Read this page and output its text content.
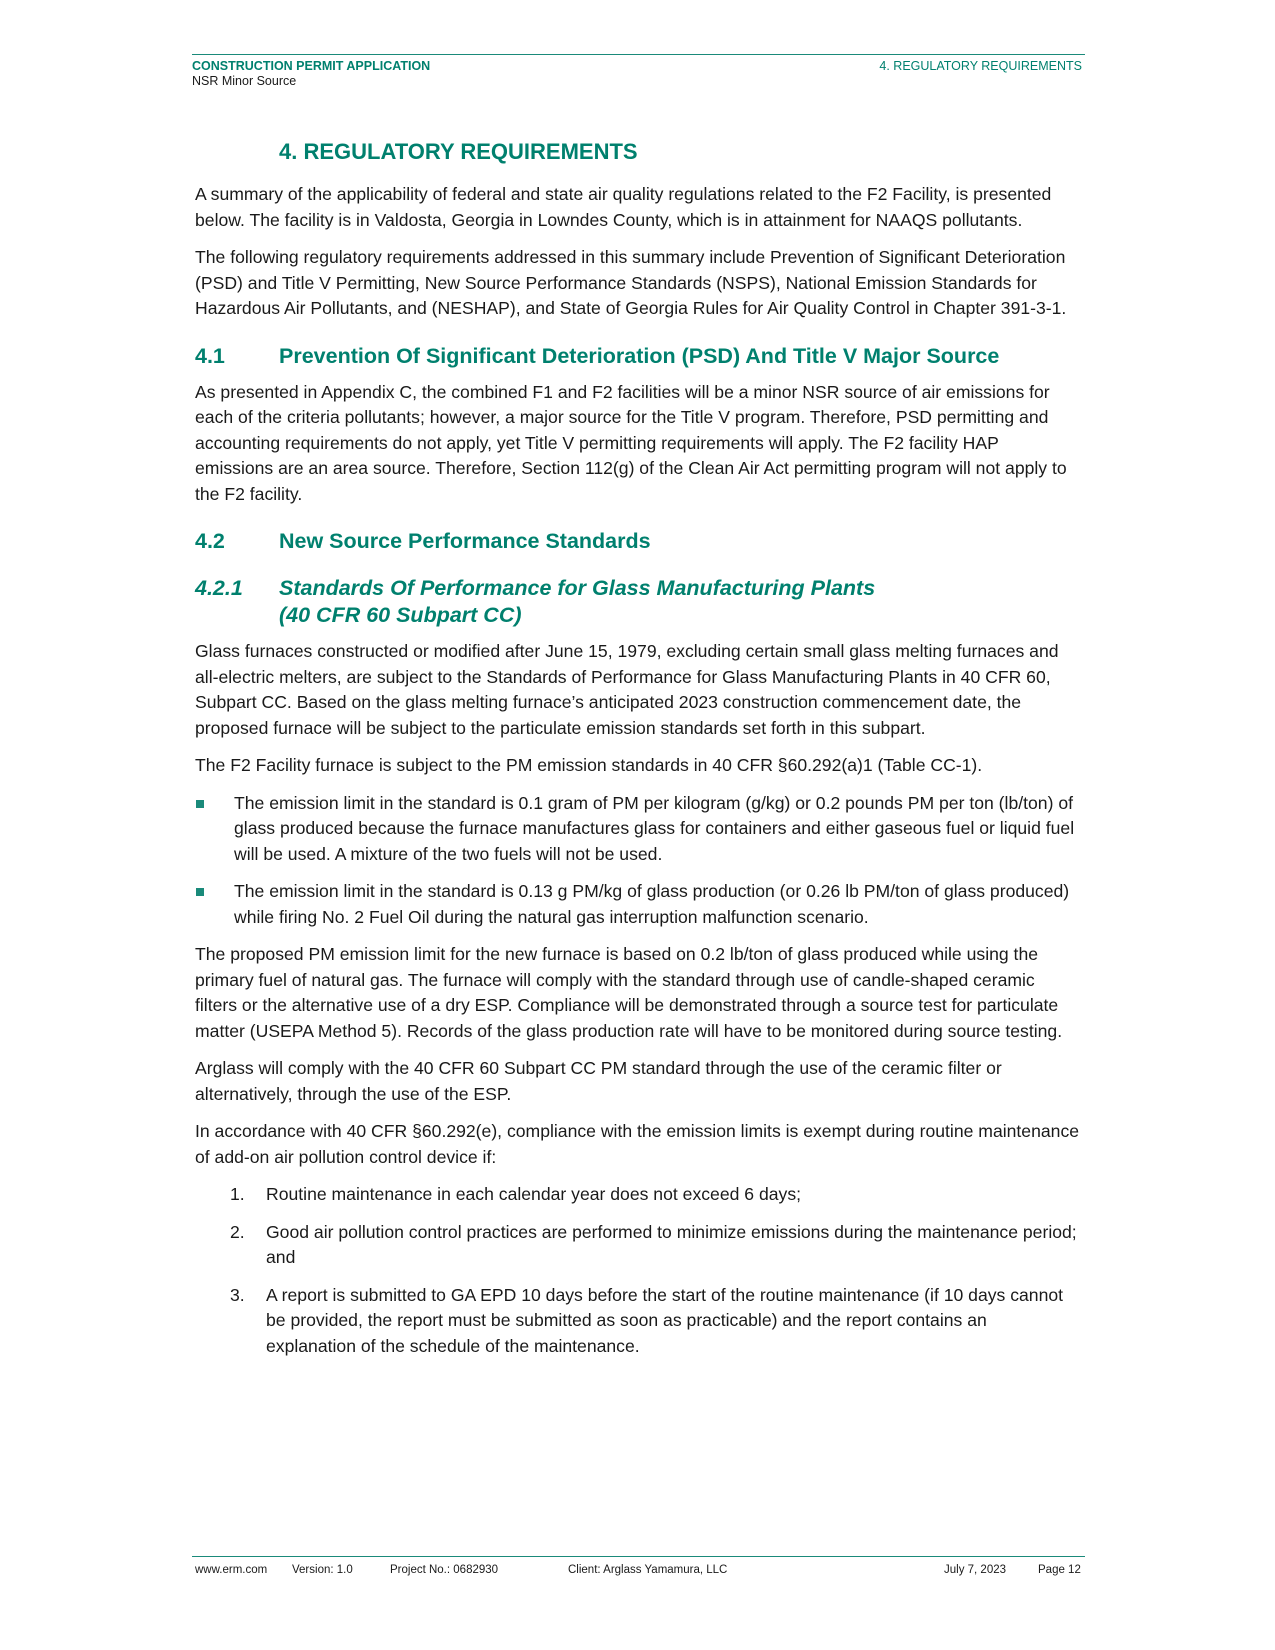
CONSTRUCTION PERMIT APPLICATION
NSR Minor Source
4. REGULATORY REQUIREMENTS
4. REGULATORY REQUIREMENTS

A summary of the applicability of federal and state air quality regulations related to the F2 Facility, is presented below. The facility is in Valdosta, Georgia in Lowndes County, which is in attainment for NAAQS pollutants.

The following regulatory requirements addressed in this summary include Prevention of Significant Deterioration (PSD) and Title V Permitting, New Source Performance Standards (NSPS), National Emission Standards for Hazardous Air Pollutants, and (NESHAP), and State of Georgia Rules for Air Quality Control in Chapter 391-3-1.

4.1	Prevention Of Significant Deterioration (PSD) And Title V Major Source

As presented in Appendix C, the combined F1 and F2 facilities will be a minor NSR source of air emissions for each of the criteria pollutants; however, a major source for the Title V program. Therefore, PSD permitting and accounting requirements do not apply, yet Title V permitting requirements will apply. The F2 facility HAP emissions are an area source. Therefore, Section 112(g) of the Clean Air Act permitting program will not apply to the F2 facility.

4.2	New Source Performance Standards
4.2.1	Standards Of Performance for Glass Manufacturing Plants
(40 CFR 60 Subpart CC)

Glass furnaces constructed or modified after June 15, 1979, excluding certain small glass melting furnaces and all-electric melters, are subject to the Standards of Performance for Glass Manufacturing Plants in 40 CFR 60, Subpart CC. Based on the glass melting furnace’s anticipated 2023 construction commencement date, the proposed furnace will be subject to the particulate emission standards set forth in this subpart.

The F2 Facility furnace is subject to the PM emission standards in 40 CFR §60.292(a)1 (Table CC-1).

The emission limit in the standard is 0.1 gram of PM per kilogram (g/kg) or 0.2 pounds PM per ton (lb/ton) of glass produced because the furnace manufactures glass for containers and either gaseous fuel or liquid fuel will be used. A mixture of the two fuels will not be used.
The emission limit in the standard is 0.13 g PM/kg of glass production (or 0.26 lb PM/ton of glass produced) while firing No. 2 Fuel Oil during the natural gas interruption malfunction scenario.

The proposed PM emission limit for the new furnace is based on 0.2 lb/ton of glass produced while using the primary fuel of natural gas. The furnace will comply with the standard through use of candle-shaped ceramic filters or the alternative use of a dry ESP. Compliance will be demonstrated through a source test for particulate matter (USEPA Method 5). Records of the glass production rate will have to be monitored during source testing.

Arglass will comply with the 40 CFR 60 Subpart CC PM standard through the use of the ceramic filter or alternatively, through the use of the ESP.

In accordance with 40 CFR §60.292(e), compliance with the emission limits is exempt during routine maintenance of add-on air pollution control device if:

1. Routine maintenance in each calendar year does not exceed 6 days;
2. Good air pollution control practices are performed to minimize emissions during the maintenance period; and
3. A report is submitted to GA EPD 10 days before the start of the routine maintenance (if 10 days cannot be provided, the report must be submitted as soon as practicable) and the report contains an explanation of the schedule of the maintenance.
www.erm.com Version: 1.0	Project No.: 0682930	Client: Arglass Yamamura, LLC	July 7, 2023	Page 12
